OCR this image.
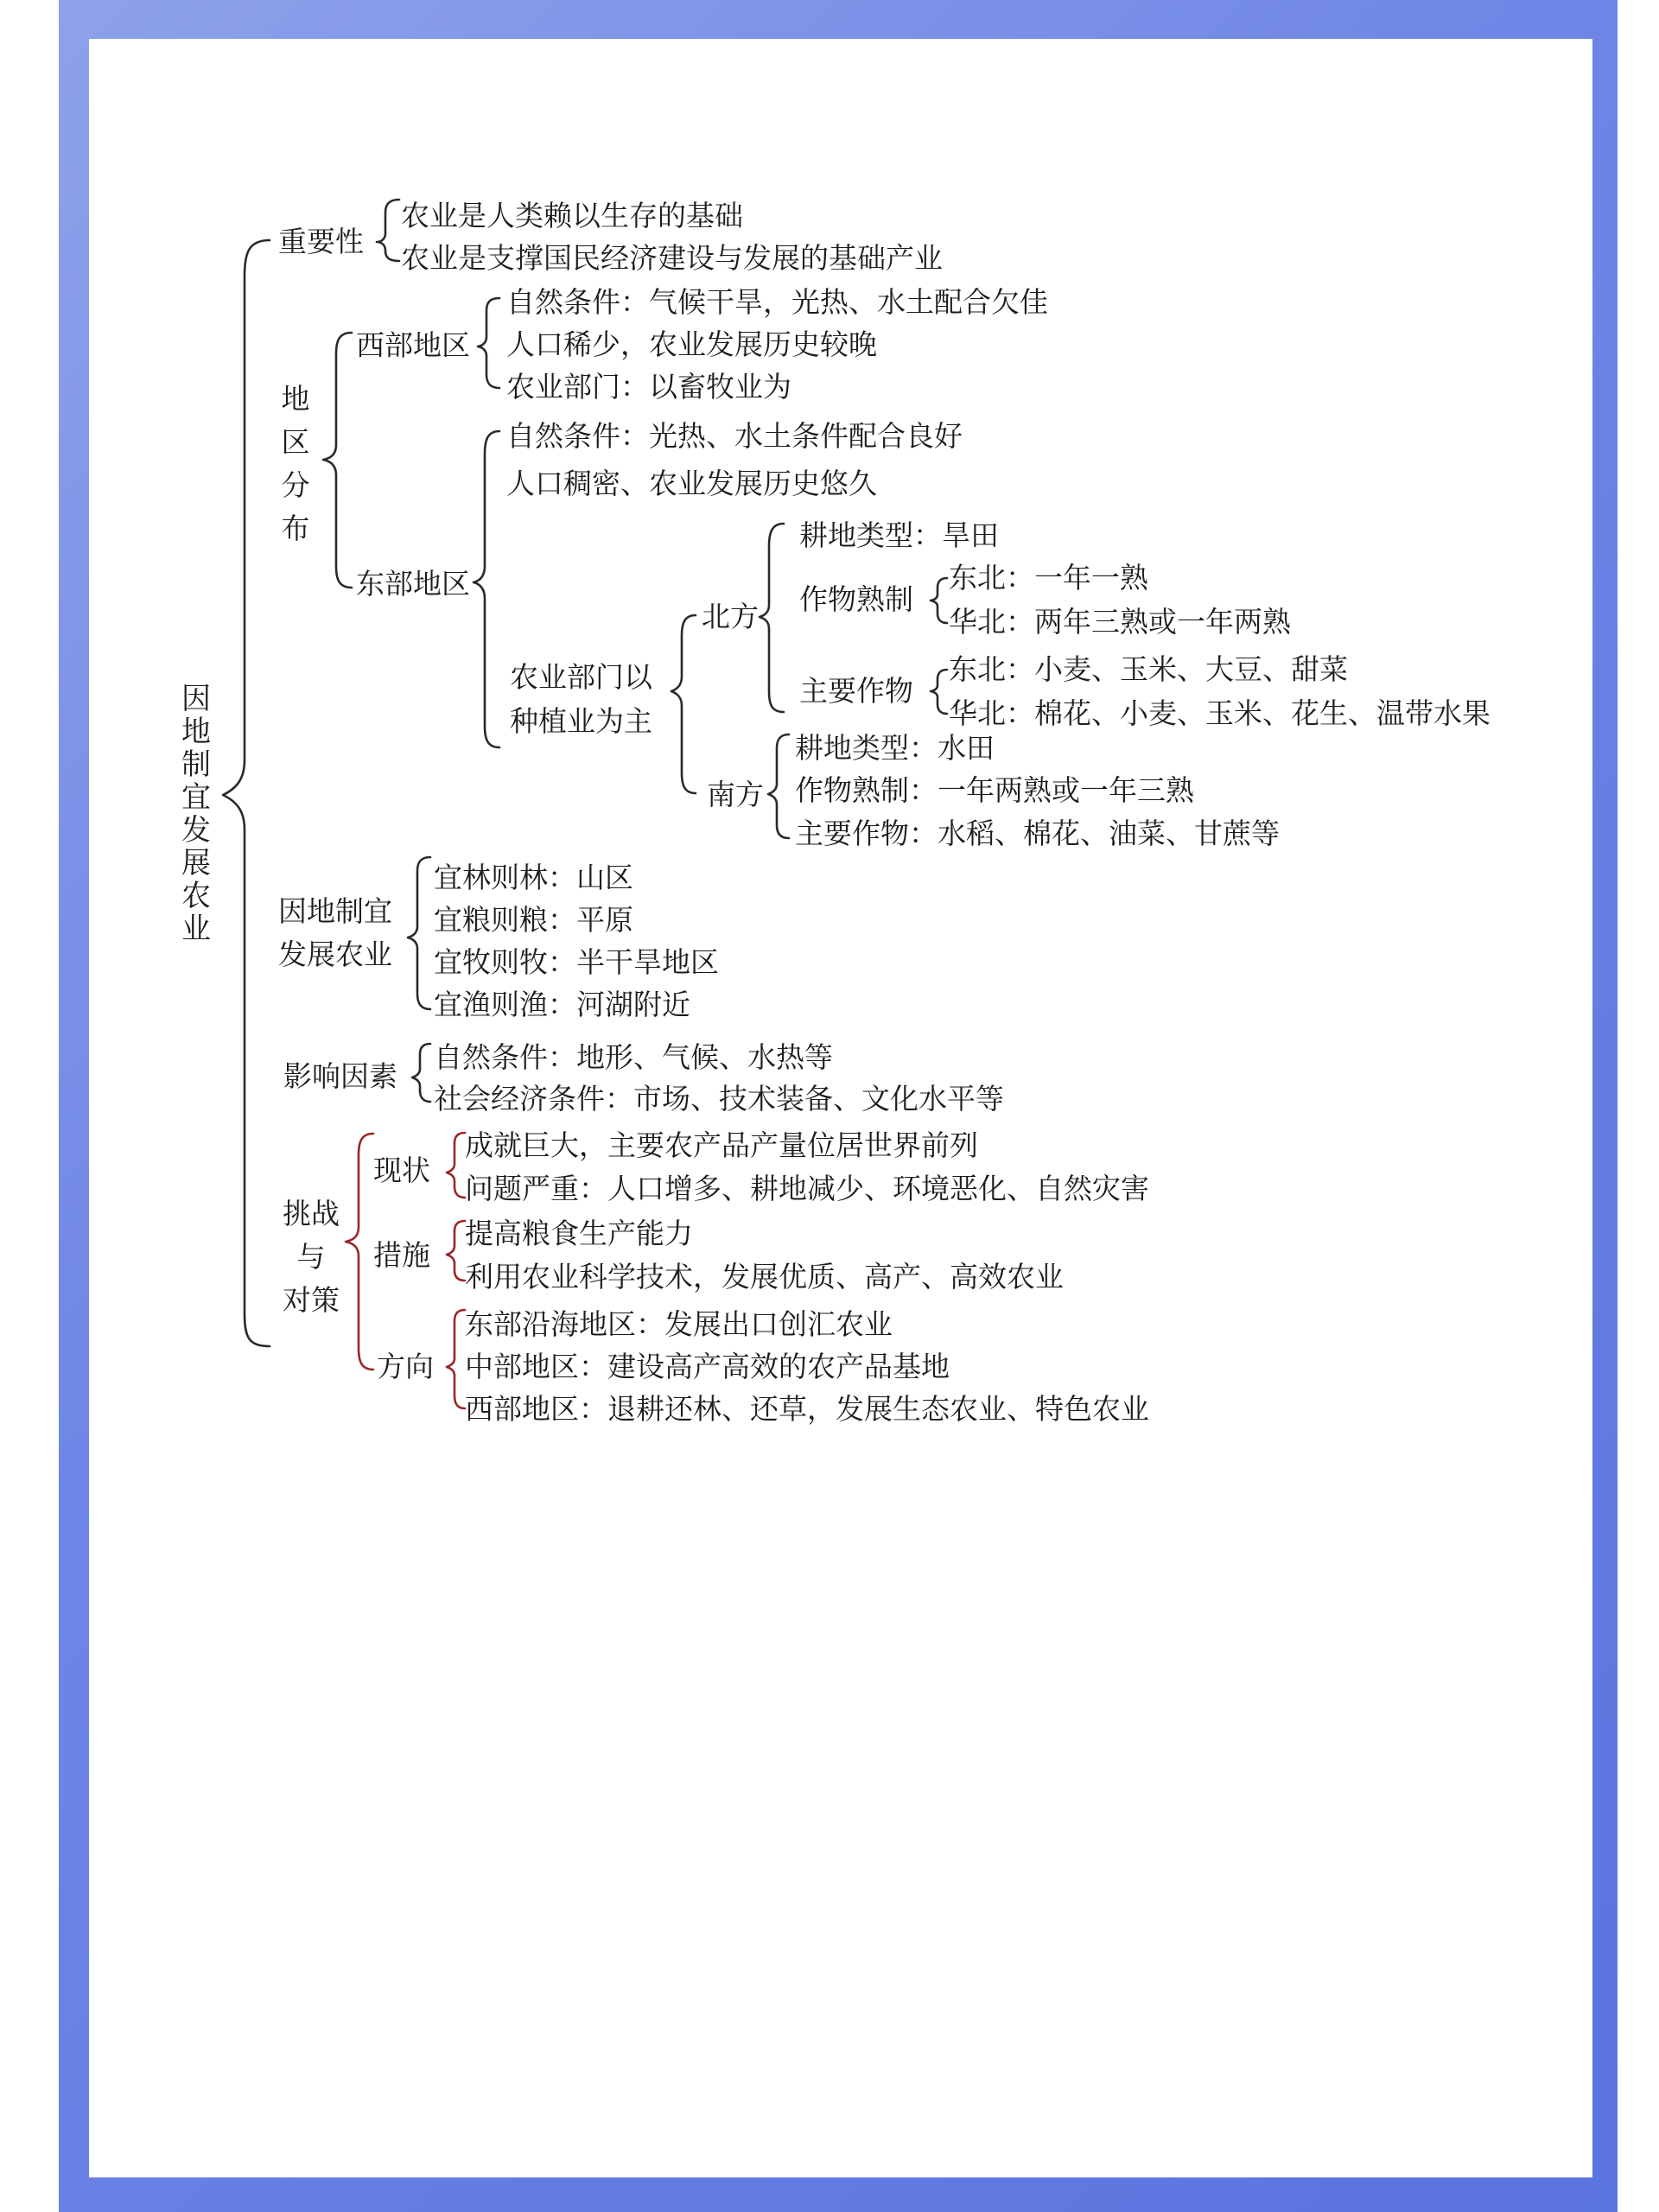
因地制宜发展农业
重要性
农业是人类赖以生存的基础
农业是支撑国民经济建设与发展的基础产业
地
区
分
布
西部地区
自然条件：气候干旱，光热、水土配合欠佳
人口稀少，农业发展历史较晚
农业部门：以畜牧业为
东部地区
自然条件：光热、水土条件配合良好
人口稠密、农业发展历史悠久
农业部门以
种植业为主
北方
耕地类型：旱田
作物熟制
东北：一年一熟
华北：两年三熟或一年两熟
主要作物
东北：小麦、玉米、大豆、甜菜
华北：棉花、小麦、玉米、花生、温带水果
南方
耕地类型：水田
作物熟制：一年两熟或一年三熟
主要作物：水稻、棉花、油菜、甘蔗等
因地制宜
发展农业
宜林则林：山区
宜粮则粮：平原
宜牧则牧：半干旱地区
宜渔则渔：河湖附近
影响因素
自然条件：地形、气候、水热等
社会经济条件：市场、技术装备、文化水平等
挑战
与
对策
现状
成就巨大，主要农产品产量位居世界前列
问题严重：人口增多、耕地减少、环境恶化、自然灾害
措施
提高粮食生产能力
利用农业科学技术，发展优质、高产、高效农业
方向
东部沿海地区：发展出口创汇农业
中部地区：建设高产高效的农产品基地
西部地区：退耕还林、还草，发展生态农业、特色农业
